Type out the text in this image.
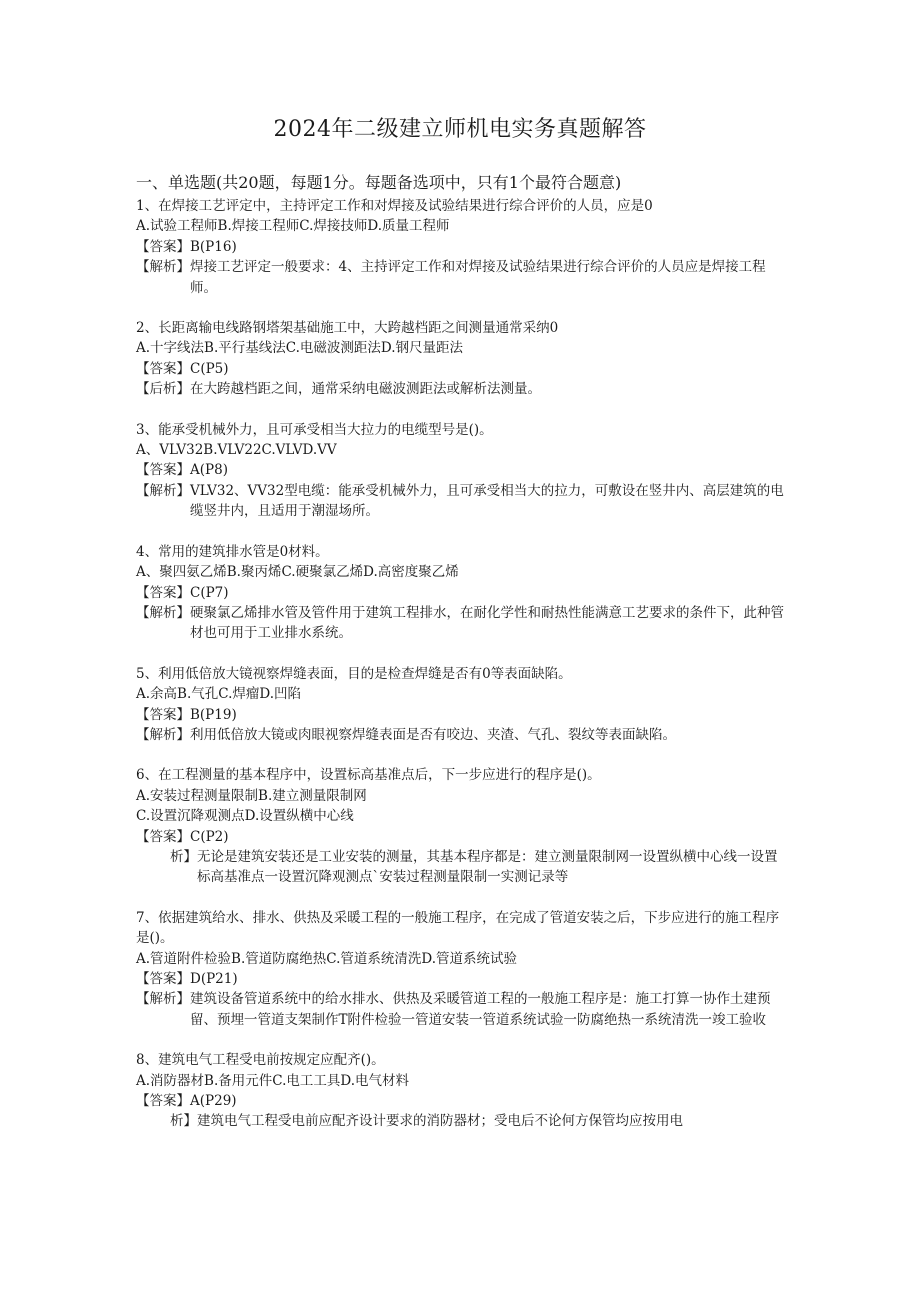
2024年二级建立师机电实务真题解答
一、单选题(共20题，每题1分。每题备选项中，只有1个最符合题意)
1、在焊接工艺评定中，主持评定工作和对焊接及试验结果进行综合评价的人员，应是0
A.试验工程师B.焊接工程师C.焊接技师D.质量工程师
【答案】B(P16)
【解析】 焊接工艺评定一般要求：4、主持评定工作和对焊接及试验结果进行综合评价的人员应是焊接工程师。
2、长距离输电线路钢塔架基础施工中，大跨越档距之间测量通常采纳0
A.十字线法B.平行基线法C.电磁波测距法D.钢尺量距法
【答案】C(P5)
【后析】 在大跨越档距之间，通常采纳电磁波测距法或解析法测量。
3、能承受机械外力，且可承受相当大拉力的电缆型号是()。
A、VLV32B.VLV22C.VLVD.VV
【答案】A(P8)
【解析】 VLV32、VV32型电缆：能承受机械外力，且可承受相当大的拉力，可敷设在竖井内、高层建筑的电缆竖井内，且适用于潮湿场所。
4、常用的建筑排水管是0材料。
A、聚四氨乙烯B.聚丙烯C.硬聚氯乙烯D.高密度聚乙烯
【答案】C(P7)
【解析】 硬聚氯乙烯排水管及管件用于建筑工程排水，在耐化学性和耐热性能满意工艺要求的条件下，此种管材也可用于工业排水系统。
5、利用低倍放大镜视察焊缝表面，目的是检查焊缝是否有0等表面缺陷。
A.余高B.气孔C.焊瘤D.凹陷
【答案】B(P19)
【解析】 利用低倍放大镜或肉眼视察焊缝表面是否有咬边、夹渣、气孔、裂纹等表面缺陷。
6、在工程测量的基本程序中，设置标高基准点后，下一步应进行的程序是()。
A.安装过程测量限制B.建立测量限制网
C.设置沉降观测点D.设置纵横中心线
【答案】C(P2)
析】 无论是建筑安装还是工业安装的测量，其基本程序都是：建立测量限制网一设置纵横中心线一设置标高基准点一设置沉降观测点`安装过程测量限制一实测记录等
7、依据建筑给水、排水、供热及采暖工程的一般施工程序，在完成了管道安装之后，下步应进行的施工程序是()。
A.管道附件检验B.管道防腐绝热C.管道系统清洗D.管道系统试验
【答案】D(P21)
【解析】 建筑设备管道系统中的给水排水、供热及采暖管道工程的一般施工程序是：施工打算一协作土建预留、预埋一管道支架制作T附件检验一管道安装一管道系统试验一防腐绝热一系统清洗一竣工验收
8、建筑电气工程受电前按规定应配齐()。
A.消防器材B.备用元件C.电工工具D.电气材料
【答案】A(P29)
析】 建筑电气工程受电前应配齐设计要求的消防器材；受电后不论何方保管均应按用电
